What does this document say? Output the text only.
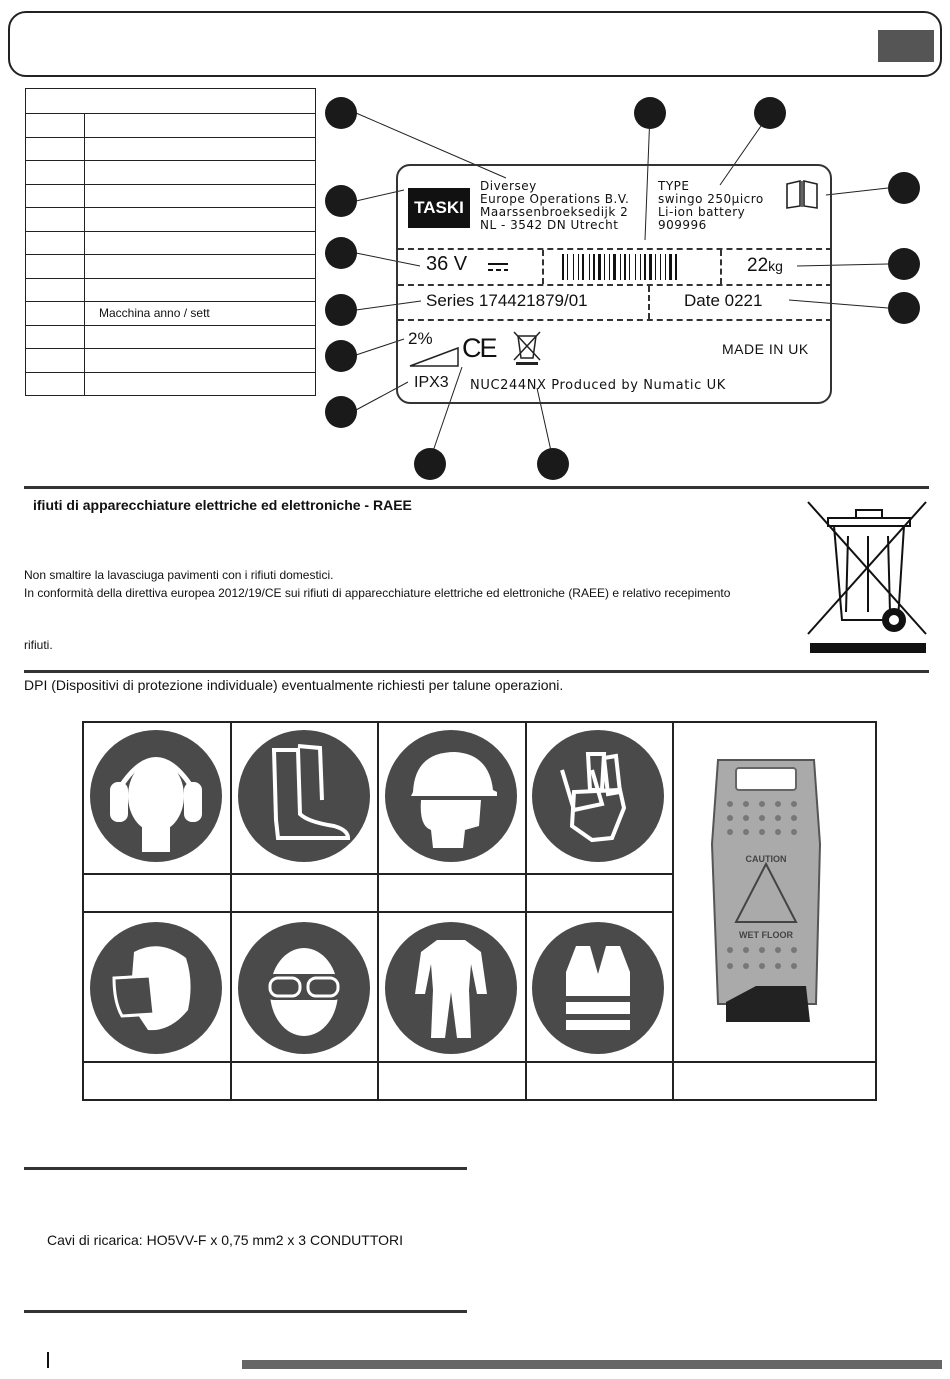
	Macchina anno / sett

TASKI
Diversey
Europe Operations B.V.
Maarssenbroeksedijk 2
NL - 3542 DN Utrecht
TYPE
swingo 250µicro
Li-ion battery
909996
36 V	22kg
Series 174421879/01	Date 0221
2% CE	MADE IN UK
IPX3 NUC244NX Produced by Numatic UK
ifiuti di apparecchiature elettriche ed elettroniche - RAEE
Non smaltire la lavasciuga pavimenti con i rifiuti domestici.
In conformità della direttiva europea 2012/19/CE sui rifiuti di apparecchiature elettriche ed elettroniche (RAEE) e relativo recepimento
rifiuti.
DPI (Dispositivi di protezione individuale) eventualmente richiesti per talune operazioni.
CAUTION
WET FLOOR
Cavi di ricarica: HO5VV-F x 0,75 mm2 x 3 CONDUTTORI
